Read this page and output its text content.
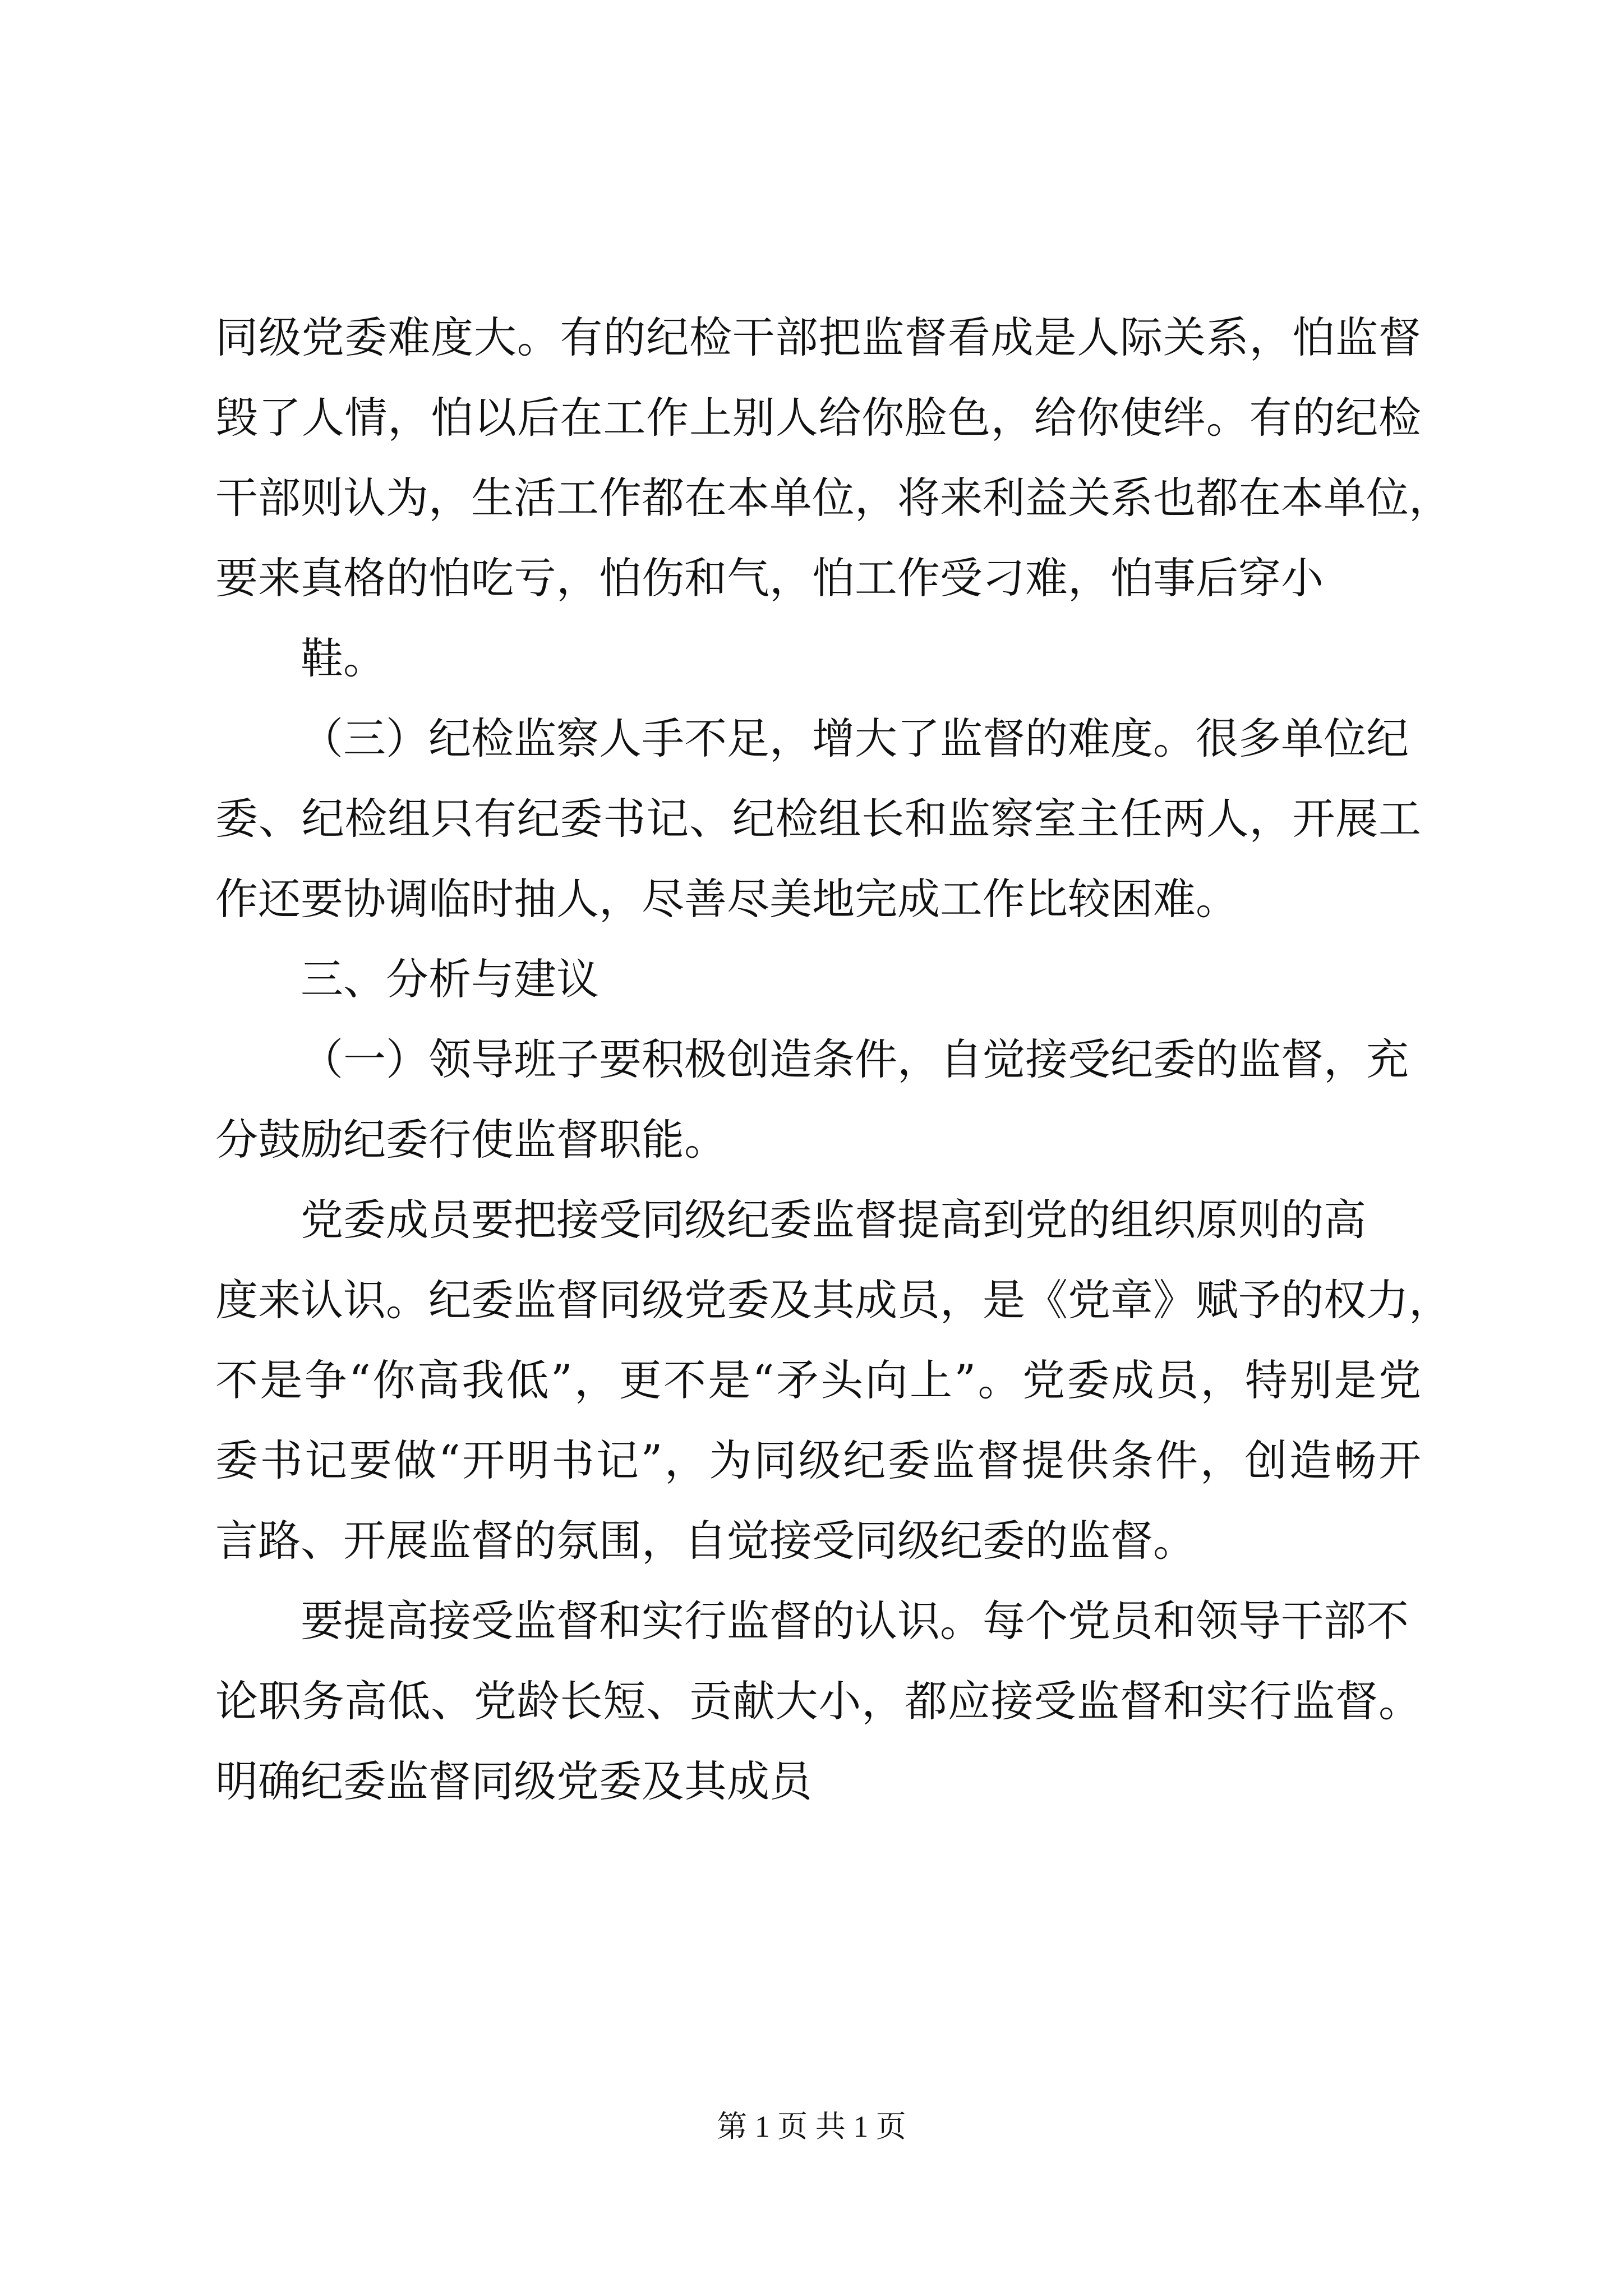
同级党委难度大。有的纪检干部把监督看成是人际关系，怕监督
毁了人情，怕以后在工作上别人给你脸色，给你使绊。有的纪检
干部则认为，生活工作都在本单位，将来利益关系也都在本单位，
要来真格的怕吃亏，怕伤和气，怕工作受刁难，怕事后穿小
鞋。
（三）纪检监察人手不足，增大了监督的难度。很多单位纪
委、纪检组只有纪委书记、纪检组长和监察室主任两人，开展工
作还要协调临时抽人，尽善尽美地完成工作比较困难。
三、分析与建议
（一）领导班子要积极创造条件，自觉接受纪委的监督，充
分鼓励纪委行使监督职能。
党委成员要把接受同级纪委监督提高到党的组织原则的高
度来认识。纪委监督同级党委及其成员，是《党章》赋予的权力，
不是争“你高我低”，更不是“矛头向上”。党委成员，特别是党
委书记要做“开明书记”，为同级纪委监督提供条件，创造畅开
言路、开展监督的氛围，自觉接受同级纪委的监督。
要提高接受监督和实行监督的认识。每个党员和领导干部不
论职务高低、党龄长短、贡献大小，都应接受监督和实行监督。
明确纪委监督同级党委及其成员
第 1 页 共 1 页
